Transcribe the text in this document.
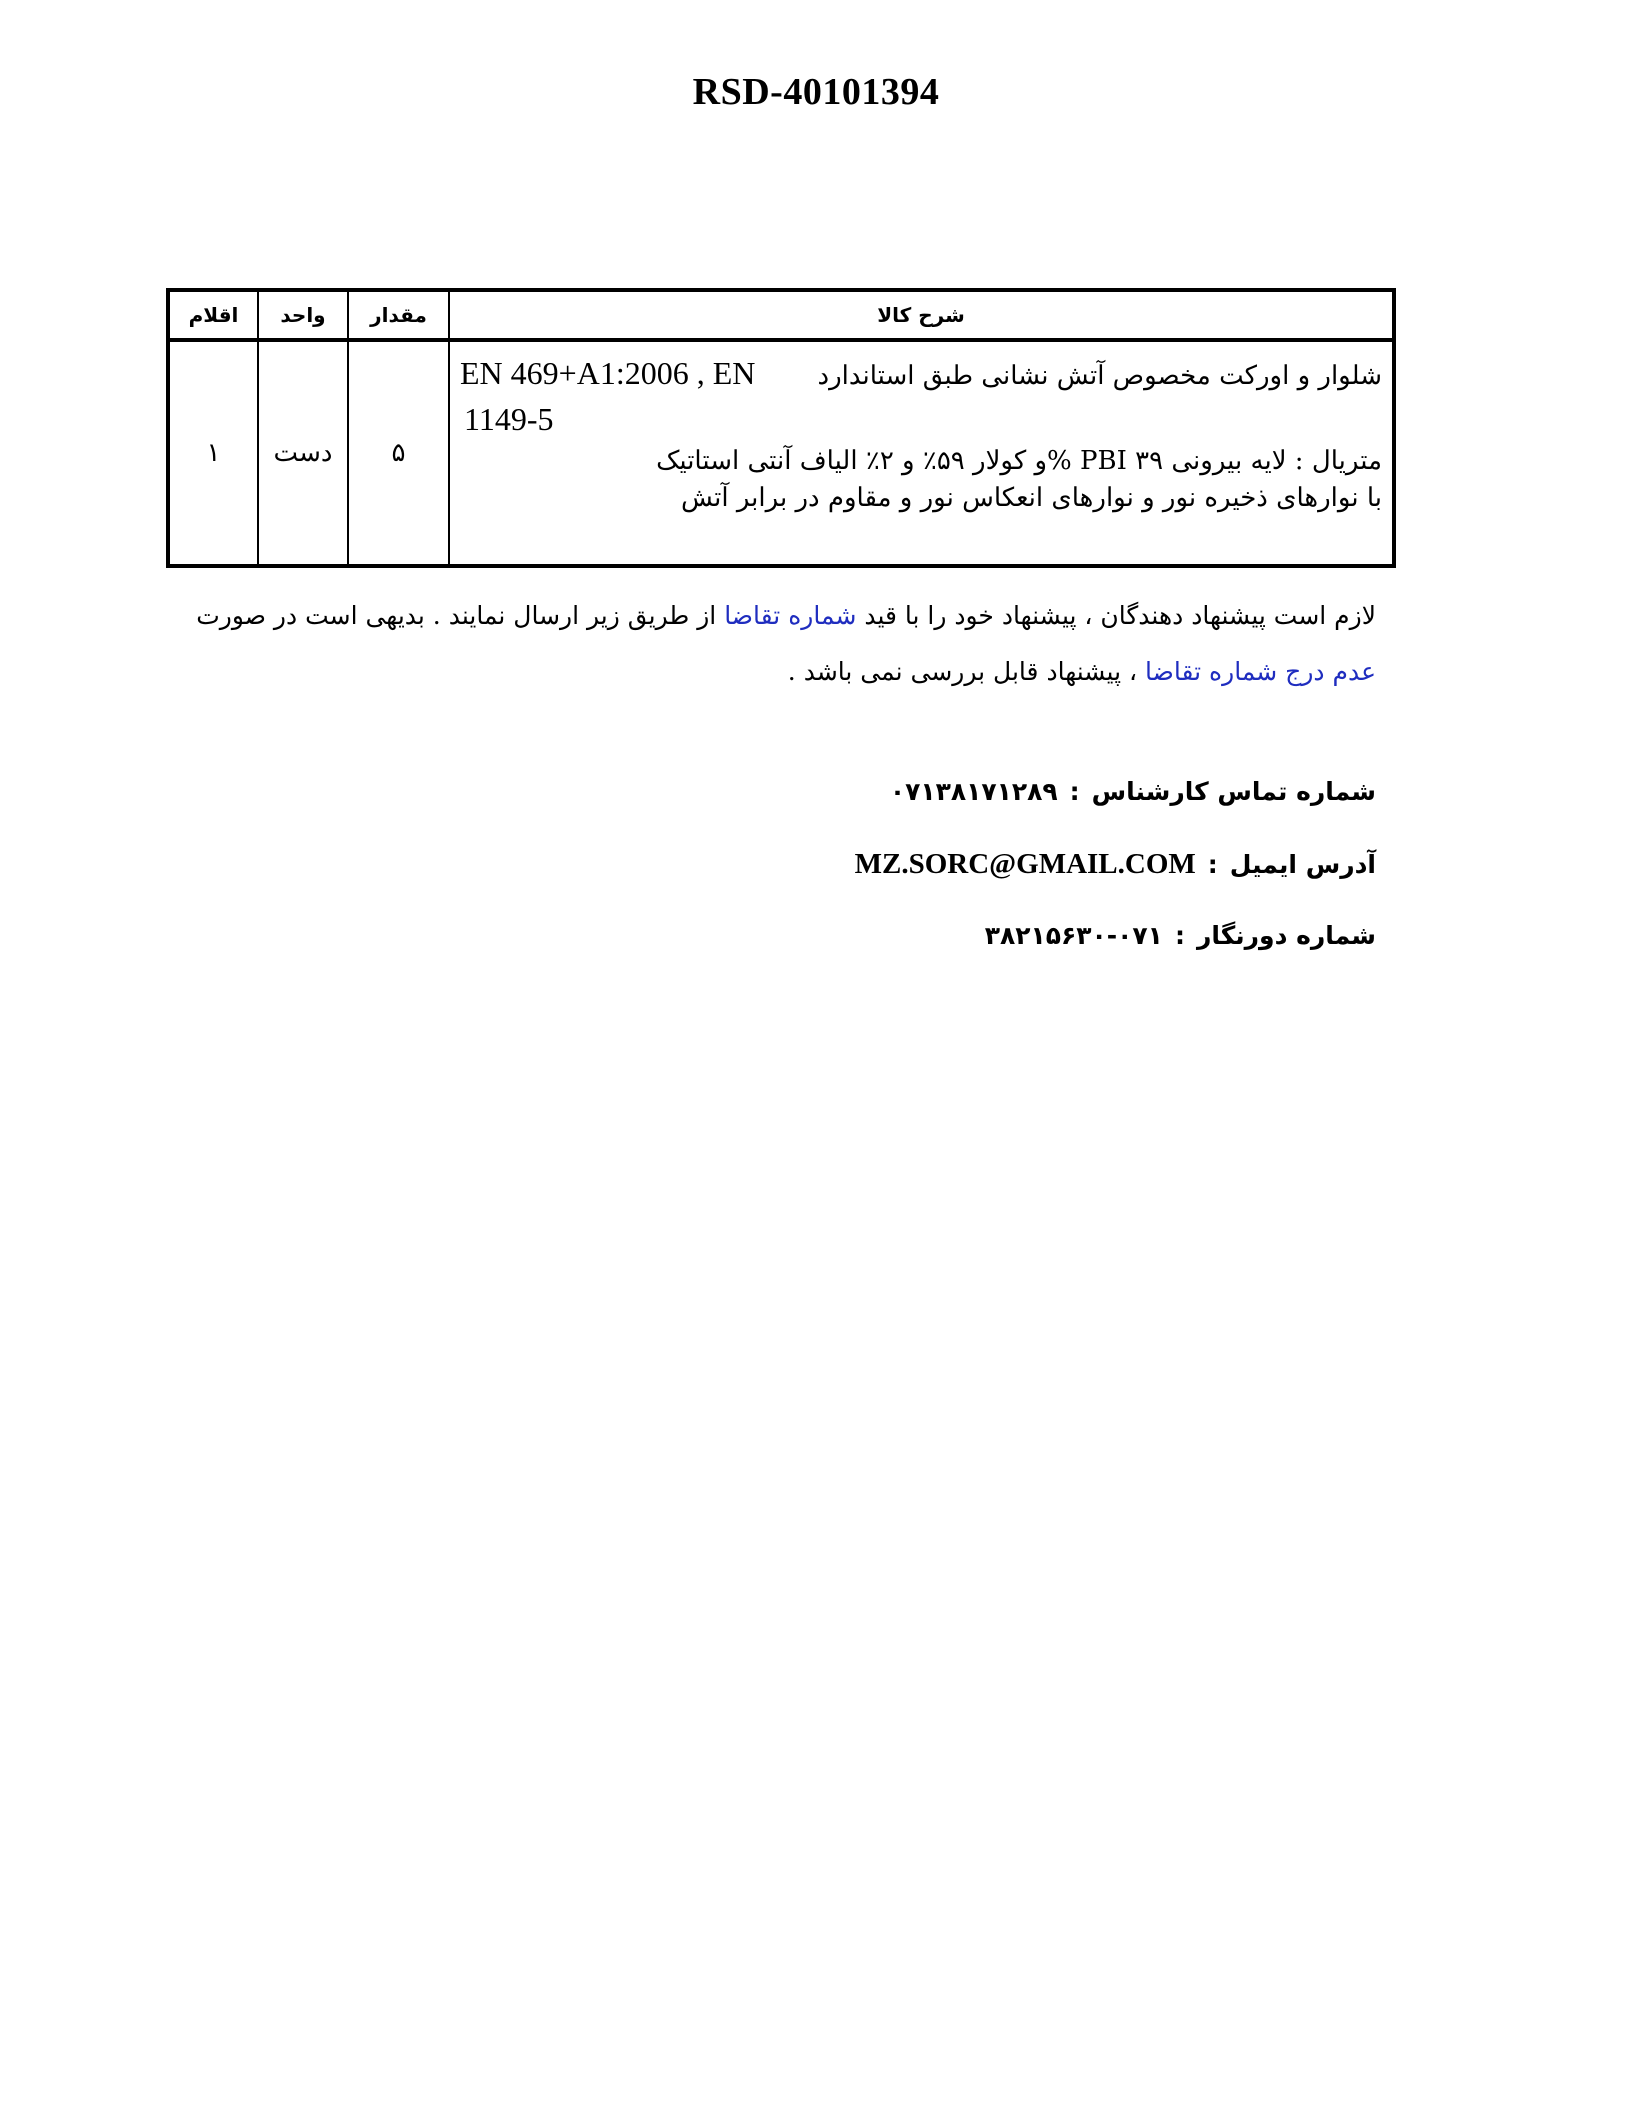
RSD-40101394
شرح کالا	مقدار	واحد	اقلام

شلوار و اورکت مخصوص آتش نشانی طبق استاندارد
EN 469+A1:2006 , EN
1149-5
متریال : لایه بیرونی ۳۹ PBI %و کولار ۵۹٪ و ۲٪ الیاف آنتی استاتیک
با نوارهای ذخیره نور و نوارهای انعکاس نور و مقاوم در برابر آتش	۵	دست	۱
لازم است پیشنهاد دهندگان ، پیشنهاد خود را با قید شماره تقاضا از طریق زیر ارسال نمایند . بدیهی است در صورت عدم درج شماره تقاضا ، پیشنهاد قابل بررسی نمی باشد .
شماره تماس کارشناس:۰۷۱۳۸۱۷۱۲۸۹
آدرس ایمیل:MZ.SORC@GMAIL.COM
شماره دورنگار:۰۷۱-۳۸۲۱۵۶۳۰
